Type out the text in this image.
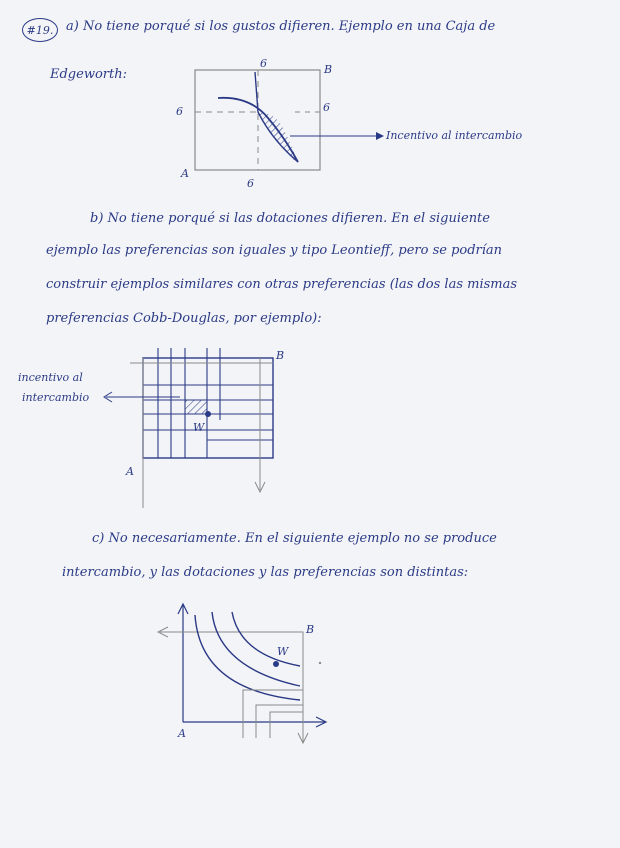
#19. a) No tiene porqué si los gustos difieren. Ejemplo en una Caja de
Edgeworth:
A
B
6
6
6
6
Incentivo al intercambio
b) No tiene porqué si las dotaciones difieren. En el siguiente
ejemplo las preferencias son iguales y tipo Leontieff, pero se podrían
construir ejemplos similares con otras preferencias (las dos las mismas
preferencias Cobb-Douglas, por ejemplo):
A
B
W
incentivo al
intercambio
c) No necesariamente. En el siguiente ejemplo no se produce
intercambio, y las dotaciones y las preferencias son distintas:
A
B
W
